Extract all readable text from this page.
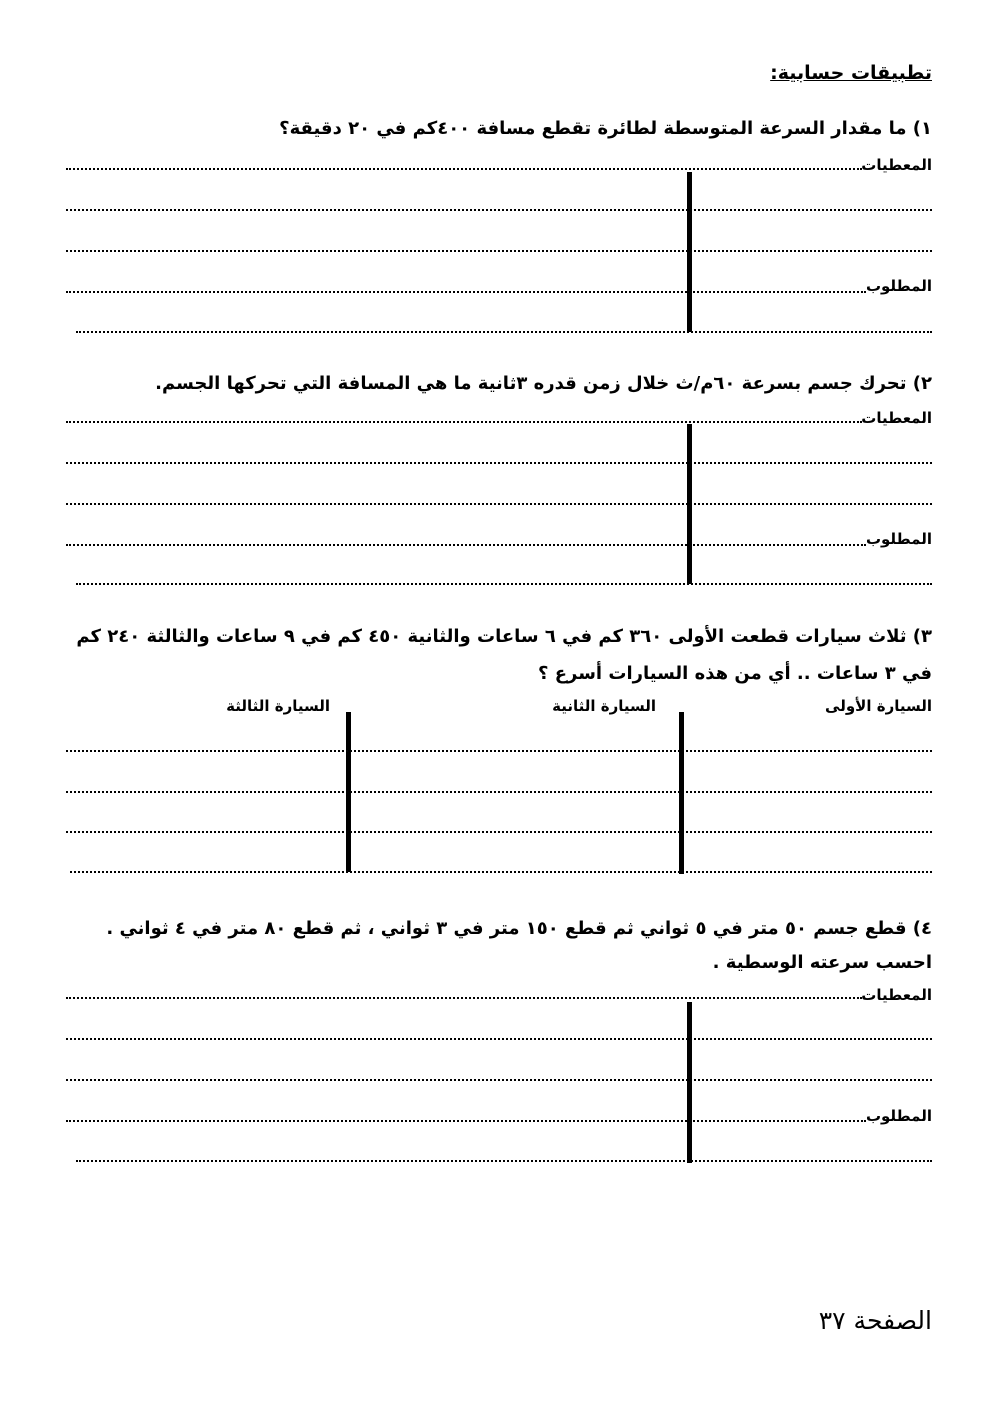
تطبيقات حسابية:
١) ما مقدار السرعة المتوسطة لطائرة تقطع مسافة ٤٠٠كم في ٢٠ دقيقة؟
المعطيات
المطلوب
٢) تحرك جسم بسرعة ٦٠م/ث خلال زمن قدره ٣ثانية ما هي المسافة التي تحركها الجسم.
المعطيات
المطلوب
٣) ثلاث سيارات قطعت الأولى ٣٦٠ كم في ٦ ساعات والثانية ٤٥٠ كم في ٩ ساعات والثالثة ٢٤٠ كم
في ٣ ساعات .. أي من هذه السيارات أسرع ؟
السيارة الأولى
السيارة الثانية
السيارة الثالثة
٤) قطع جسم ٥٠ متر في ٥ ثواني ثم قطع ١٥٠ متر في ٣ ثواني ، ثم قطع ٨٠ متر في ٤ ثواني .
احسب سرعته الوسطية .
المعطيات
المطلوب
الصفحة ٣٧
